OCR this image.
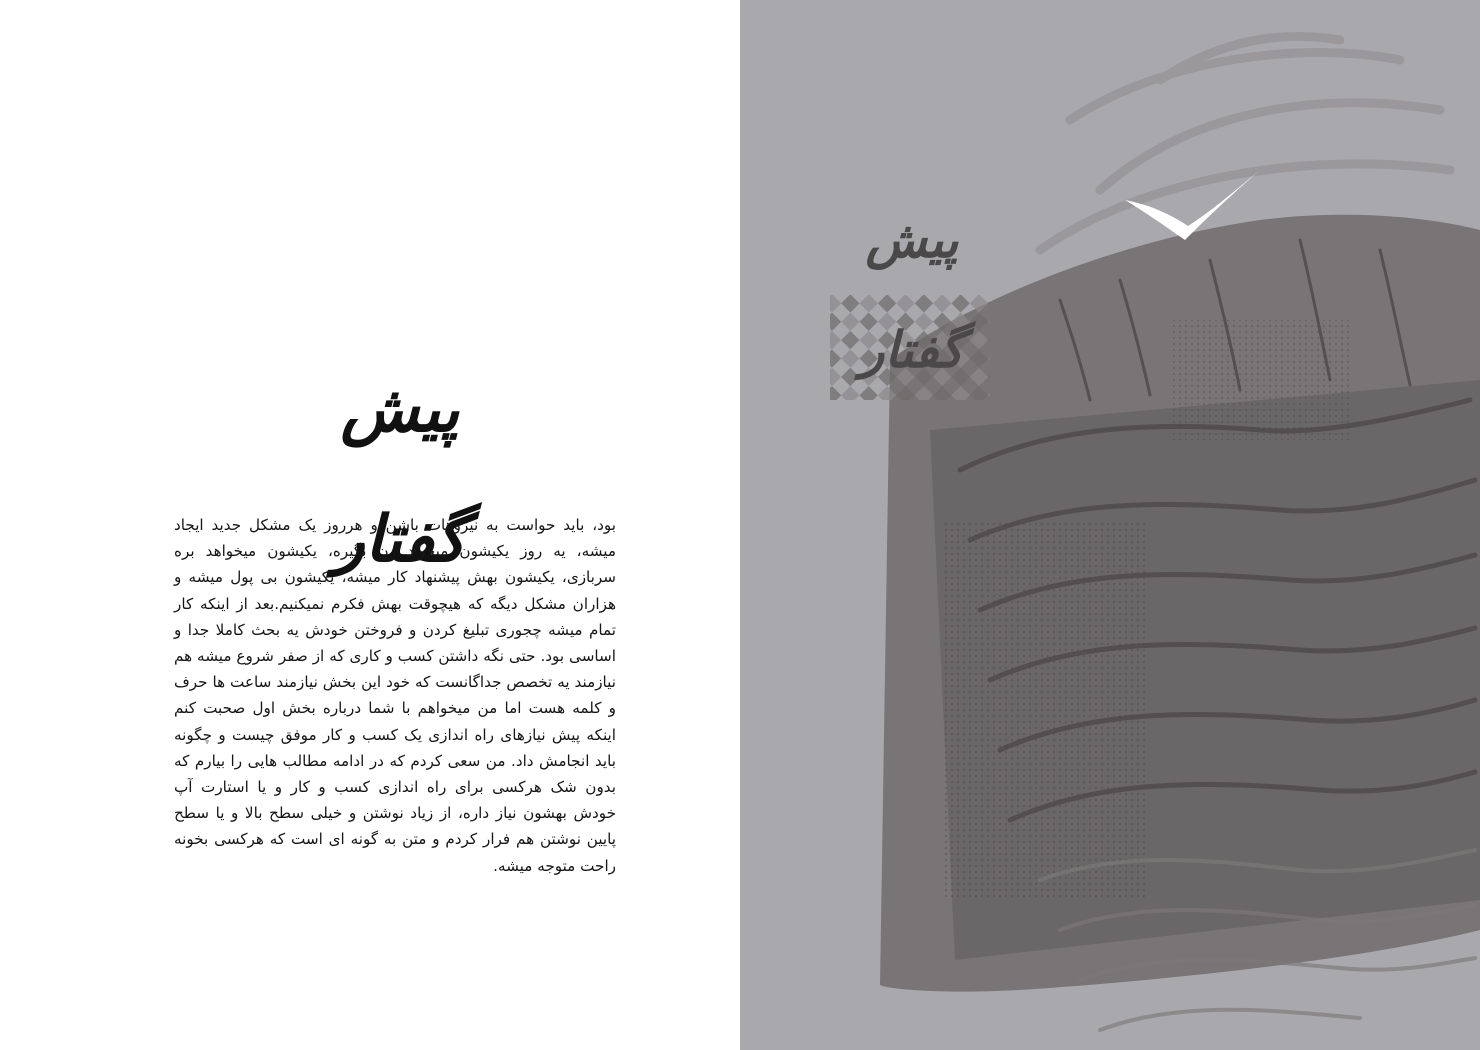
پیش گفتار

بود، باید حواست به نیروهات باشن و هرروز یک مشکل جدید ایجاد میشه، یه روز یکیشون میخواد زن بگیره، یکیشون میخواهد بره سربازی، یکیشون بهش پیشنهاد کار میشه، یکیشون بی پول میشه و هزاران مشکل دیگه که هیچوقت بهش فکرم نمیکنیم.بعد از اینکه کار تمام میشه چجوری تبلیغ کردن و فروختن خودش یه بحث کاملا جدا و اساسی بود. حتی نگه داشتن کسب و کاری که از صفر شروع میشه هم نیازمند یه تخصص جداگانست که خود این بخش نیازمند ساعت ها حرف و کلمه هست اما من میخواهم با شما درباره بخش اول صحبت کنم اینکه پیش نیازهای راه اندازی یک کسب و کار موفق چیست و چگونه باید انجامش داد. من سعی کردم که در ادامه مطالب هایی را بیارم که بدون شک هرکسی برای راه اندازی کسب و کار و یا استارت آپ خودش بهشون نیاز داره، از زیاد نوشتن و خیلی سطح بالا و یا سطح پایین نوشتن هم فرار کردم و متن به گونه ای است که هرکسی بخونه راحت متوجه میشه.

پیش گفتار
